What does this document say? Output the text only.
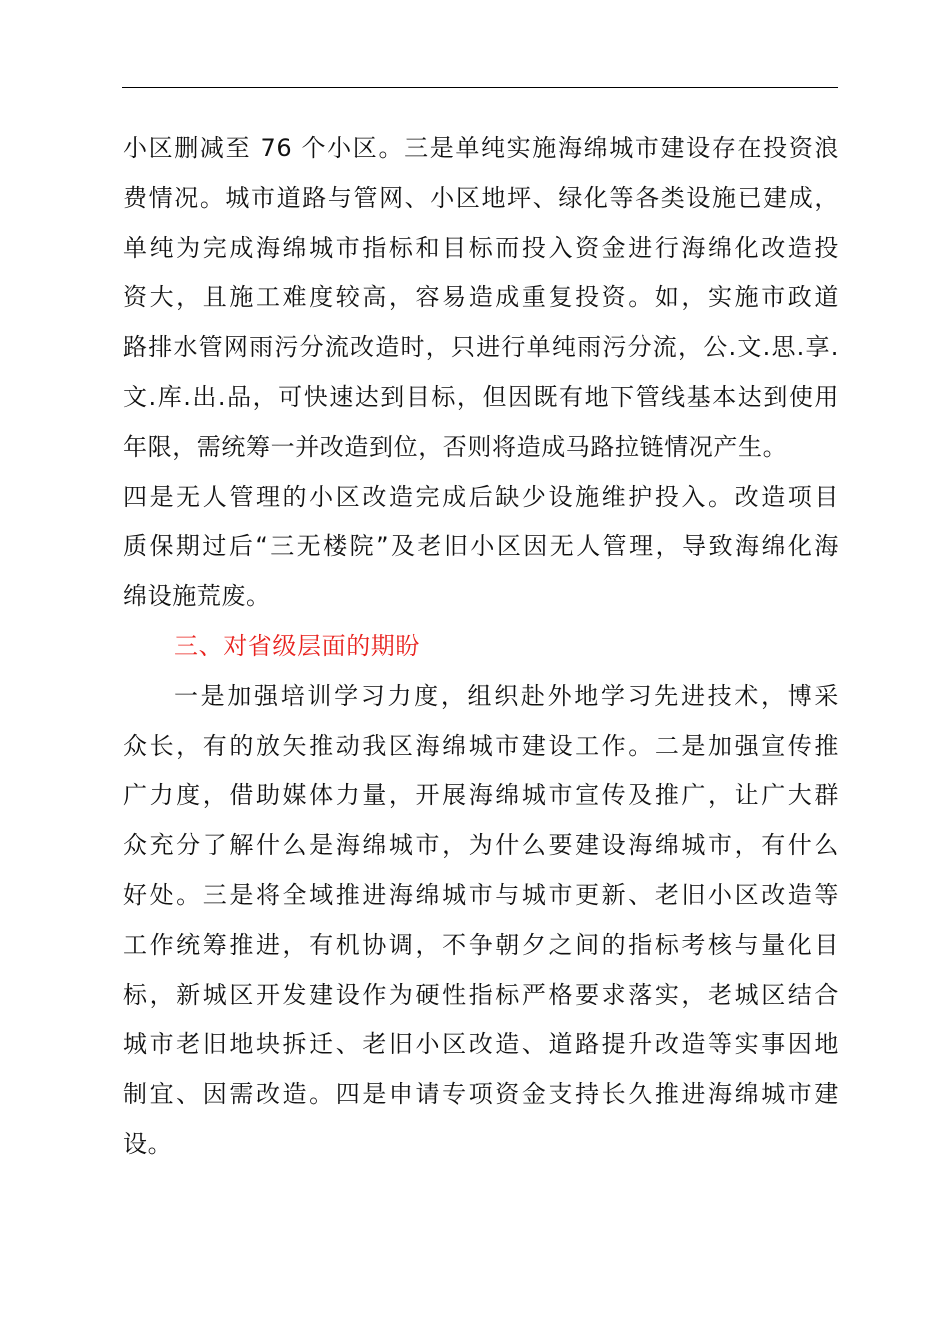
小区删减至 76 个小区。三是单纯实施海绵城市建设存在投资浪
费情况。城市道路与管网、小区地坪、绿化等各类设施已建成，
单纯为完成海绵城市指标和目标而投入资金进行海绵化改造投
资大，且施工难度较高，容易造成重复投资。如，实施市政道
路排水管网雨污分流改造时，只进行单纯雨污分流，公.文.思.享.
文.库.出.品，可快速达到目标，但因既有地下管线基本达到使用
年限，需统筹一并改造到位，否则将造成马路拉链情况产生。
四是无人管理的小区改造完成后缺少设施维护投入。改造项目
质保期过后“三无楼院”及老旧小区因无人管理，导致海绵化海
绵设施荒废。
三、对省级层面的期盼
一是加强培训学习力度，组织赴外地学习先进技术，博采
众长，有的放矢推动我区海绵城市建设工作。二是加强宣传推
广力度，借助媒体力量，开展海绵城市宣传及推广，让广大群
众充分了解什么是海绵城市，为什么要建设海绵城市，有什么
好处。三是将全域推进海绵城市与城市更新、老旧小区改造等
工作统筹推进，有机协调，不争朝夕之间的指标考核与量化目
标，新城区开发建设作为硬性指标严格要求落实，老城区结合
城市老旧地块拆迁、老旧小区改造、道路提升改造等实事因地
制宜、因需改造。四是申请专项资金支持长久推进海绵城市建
设。
